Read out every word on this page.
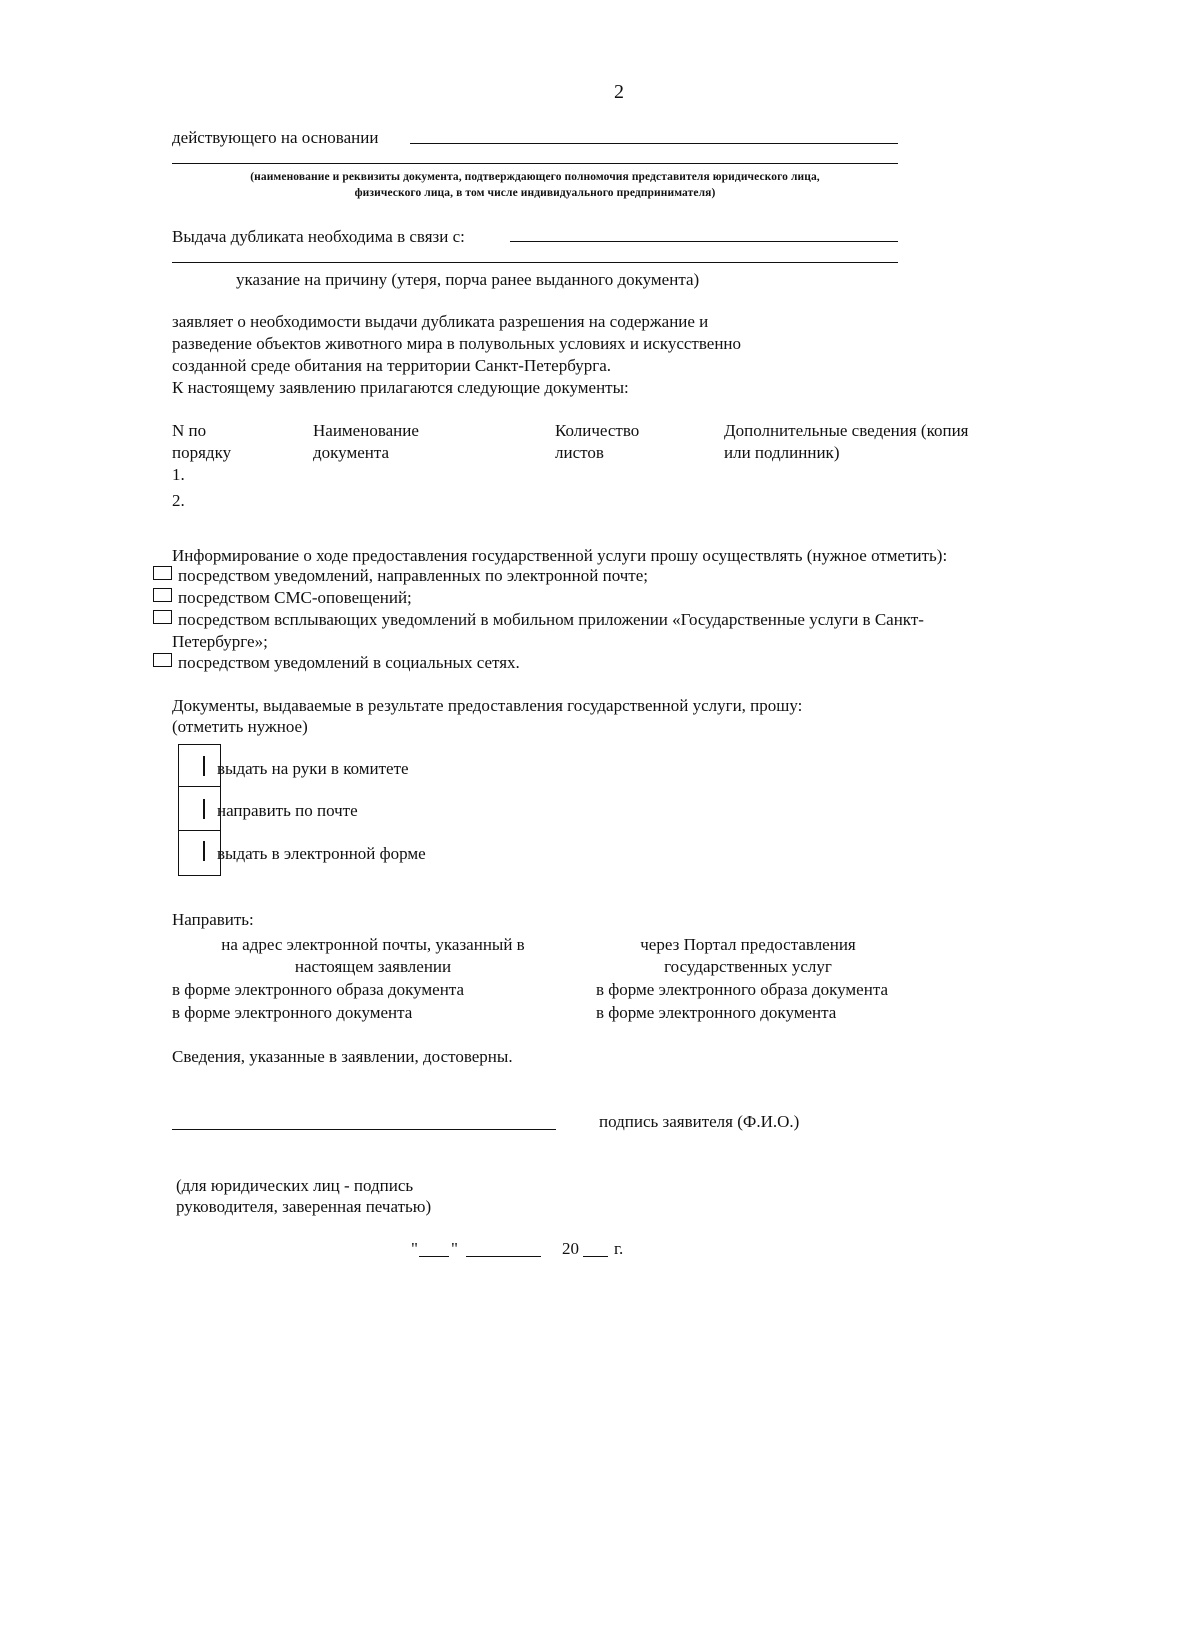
2
действующего на основании
(наименование и реквизиты документа, подтверждающего полномочия представителя юридического лица,
физического лица, в том числе индивидуального предпринимателя)
Выдача дубликата необходима в связи с:
указание на причину (утеря, порча ранее выданного документа)
заявляет о необходимости выдачи дубликата разрешения на содержание и
разведение объектов животного мира в полувольных условиях и искусственно
созданной среде обитания на территории Санкт-Петербурга.
К настоящему заявлению прилагаются следующие документы:
N по
порядку
Наименование
документа
Количество
листов
Дополнительные сведения (копия
или подлинник)
1.
2.
Информирование о ходе предоставления государственной услуги прошу осуществлять (нужное отметить):
посредством уведомлений, направленных по электронной почте;
посредством СМС-оповещений;
посредством всплывающих уведомлений в мобильном приложении «Государственные услуги в Санкт-
Петербурге»;
посредством уведомлений в социальных сетях.
Документы, выдаваемые в результате предоставления государственной услуги, прошу:
(отметить нужное)
выдать на руки в комитете
направить по почте
выдать в электронной форме
Направить:
на адрес электронной почты, указанный в
настоящем заявлении
в форме электронного образа документа
в форме электронного документа
через Портал предоставления
государственных услуг
в форме электронного образа документа
в форме электронного документа
Сведения, указанные в заявлении, достоверны.
подпись заявителя (Ф.И.О.)
(для юридических лиц - подпись
руководителя, заверенная печатью)
" "	20 г.
